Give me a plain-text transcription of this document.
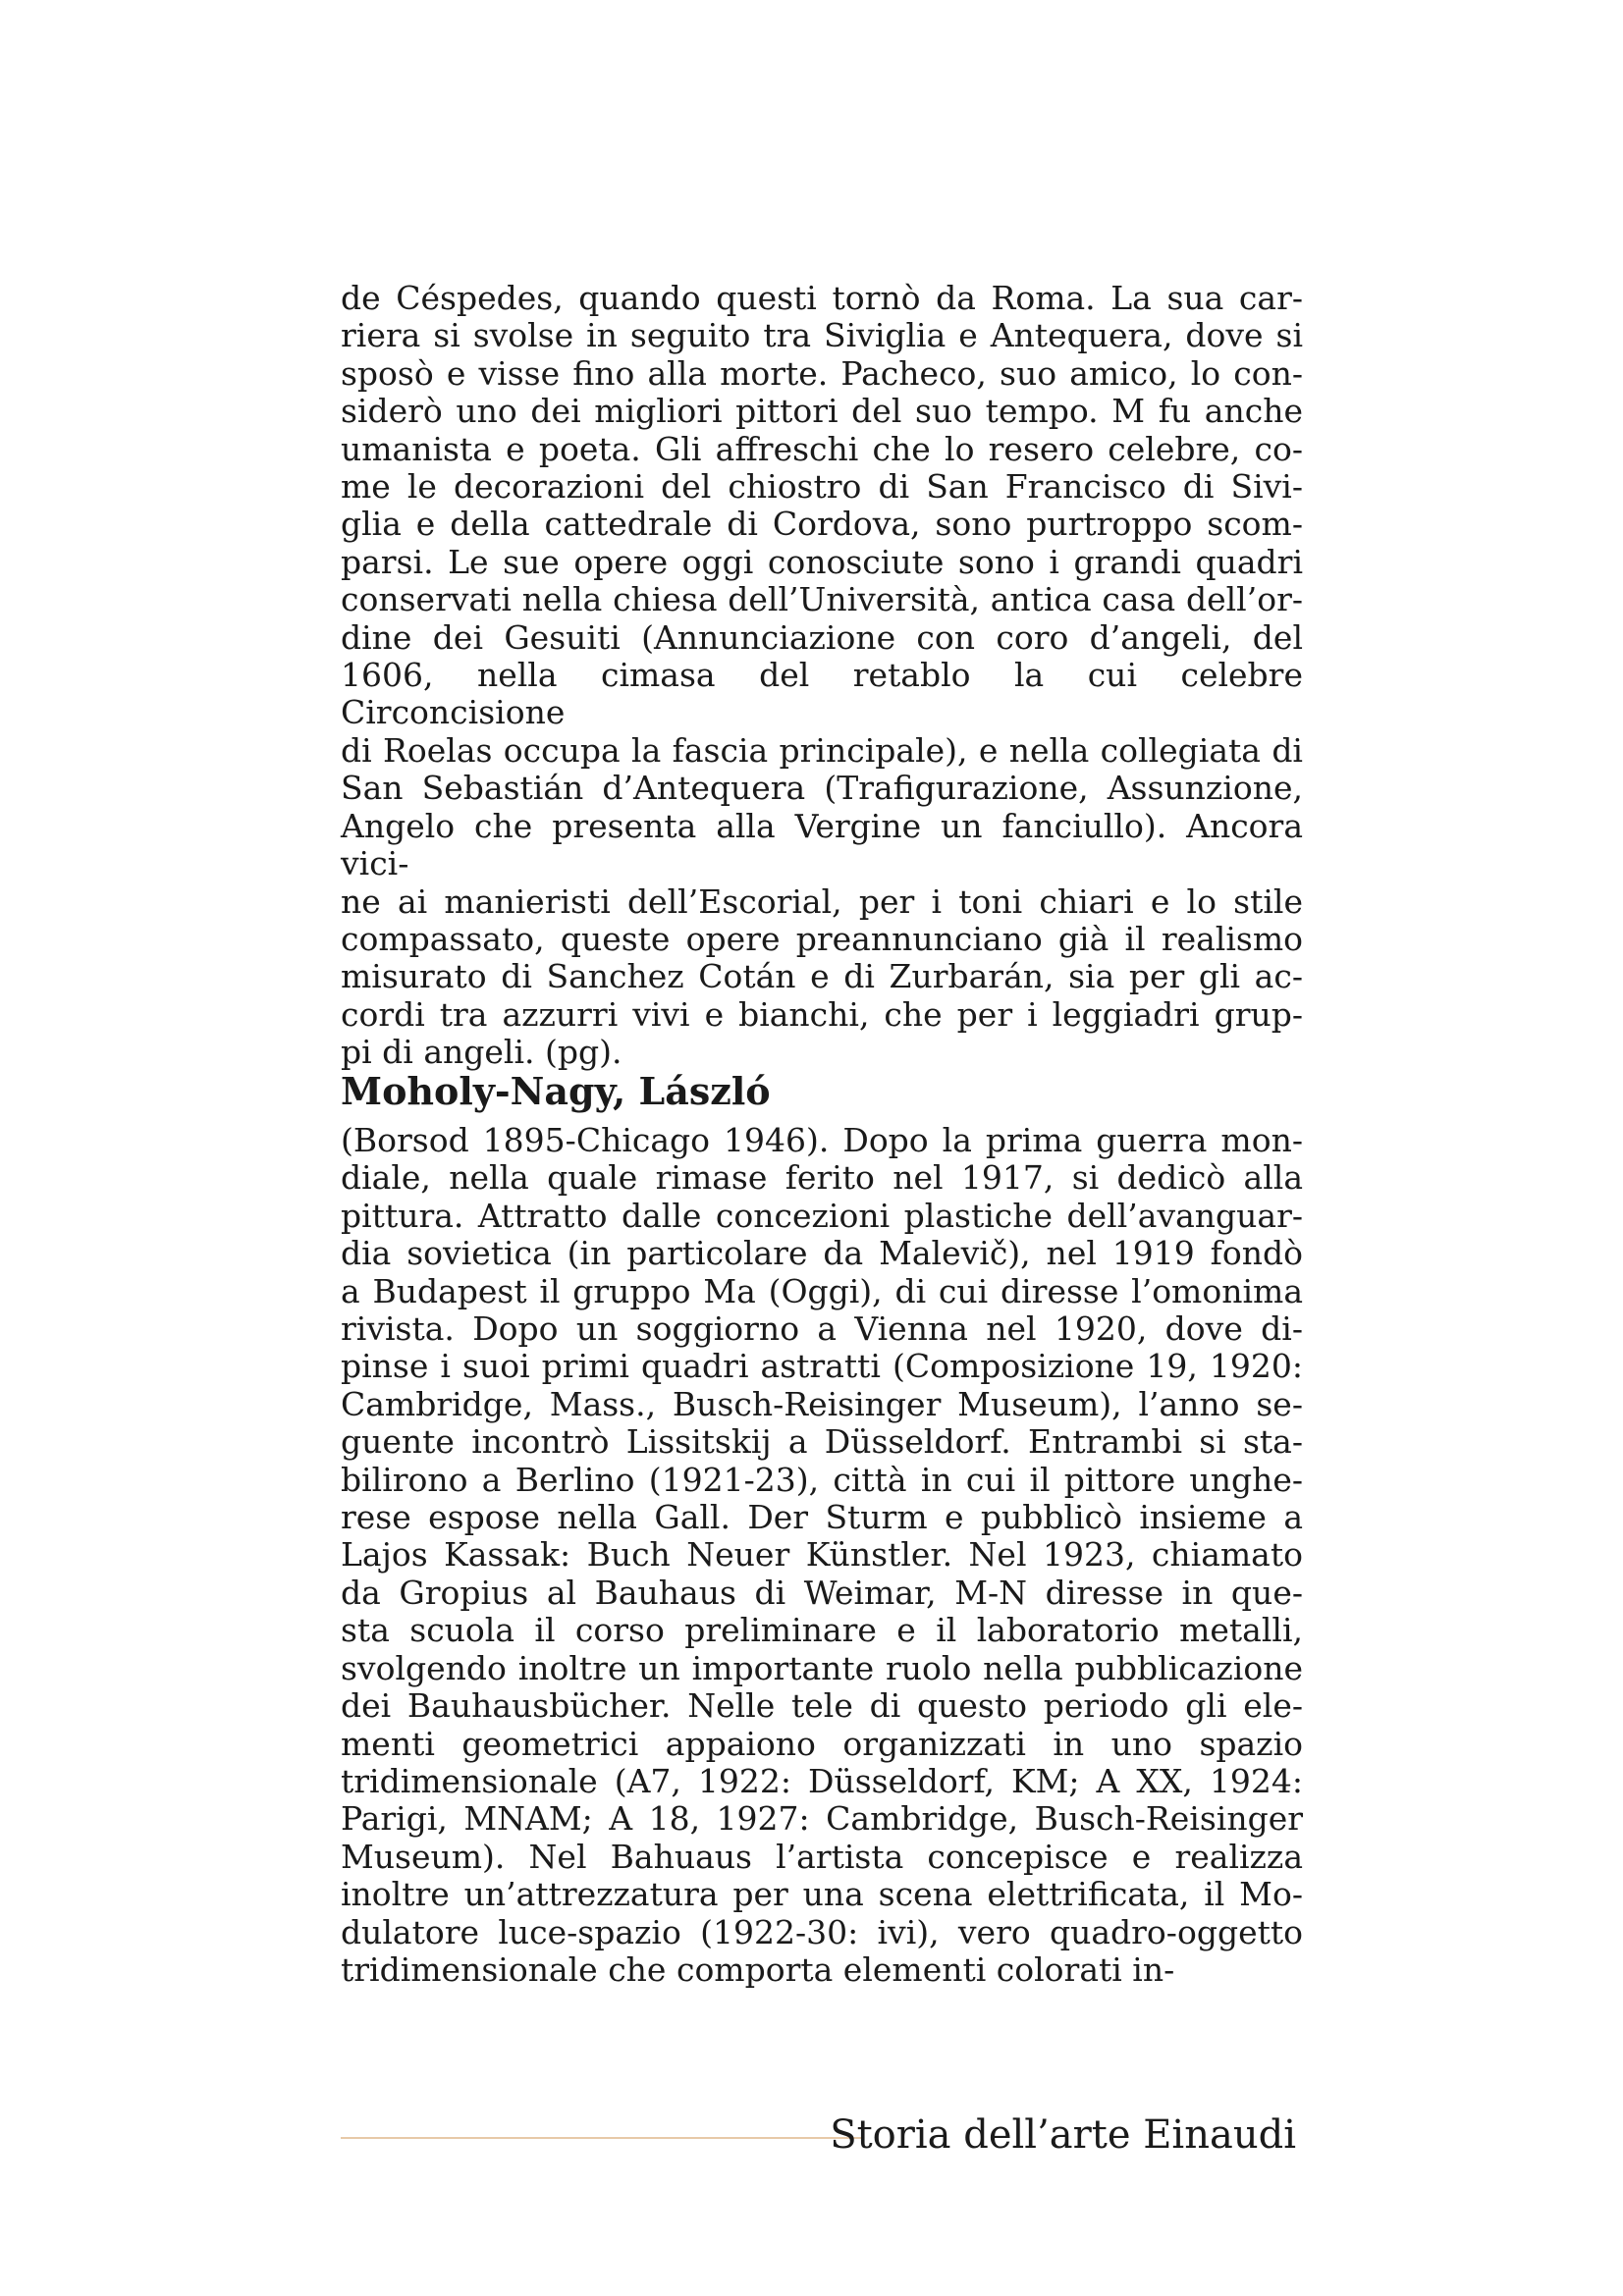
de Céspedes, quando questi tornò da Roma. La sua car-

riera si svolse in seguito tra Siviglia e Antequera, dove si

sposò e visse fino alla morte. Pacheco, suo amico, lo con-

siderò uno dei migliori pittori del suo tempo. M fu anche

umanista e poeta. Gli affreschi che lo resero celebre, co-

me le decorazioni del chiostro di San Francisco di Sivi-

glia e della cattedrale di Cordova, sono purtroppo scom-

parsi. Le sue opere oggi conosciute sono i grandi quadri

conservati nella chiesa dell’Università, antica casa dell’or-

dine dei Gesuiti (Annunciazione con coro d’angeli, del

1606, nella cimasa del retablo la cui celebre Circoncisione

di Roelas occupa la fascia principale), e nella collegiata di

San Sebastián d’Antequera (Trafigurazione, Assunzione,

Angelo che presenta alla Vergine un fanciullo). Ancora vici-

ne ai manieristi dell’Escorial, per i toni chiari e lo stile

compassato, queste opere preannunciano già il realismo

misurato di Sanchez Cotán e di Zurbarán, sia per gli ac-

cordi tra azzurri vivi e bianchi, che per i leggiadri grup-

pi di angeli. (pg).

Moholy-Nagy, László

(Borsod 1895-Chicago 1946). Dopo la prima guerra mon-

diale, nella quale rimase ferito nel 1917, si dedicò alla

pittura. Attratto dalle concezioni plastiche dell’avanguar-

dia sovietica (in particolare da Malevič), nel 1919 fondò

a Budapest il gruppo Ma (Oggi), di cui diresse l’omonima

rivista. Dopo un soggiorno a Vienna nel 1920, dove di-

pinse i suoi primi quadri astratti (Composizione 19, 1920:

Cambridge, Mass., Busch-Reisinger Museum), l’anno se-

guente incontrò Lissitskij a Düsseldorf. Entrambi si sta-

bilirono a Berlino (1921-23), città in cui il pittore unghe-

rese espose nella Gall. Der Sturm e pubblicò insieme a

Lajos Kassak: Buch Neuer Künstler. Nel 1923, chiamato

da Gropius al Bauhaus di Weimar, M-N diresse in que-

sta scuola il corso preliminare e il laboratorio metalli,

svolgendo inoltre un importante ruolo nella pubblicazione

dei Bauhausbücher. Nelle tele di questo periodo gli ele-

menti geometrici appaiono organizzati in uno spazio

tridimensionale (A7, 1922: Düsseldorf, KM; A XX, 1924:

Parigi, MNAM; A 18, 1927: Cambridge, Busch-Reisinger

Museum). Nel Bahuaus l’artista concepisce e realizza

inoltre un’attrezzatura per una scena elettrificata, il Mo-

dulatore luce-spazio (1922-30: ivi), vero quadro-oggetto

tridimensionale che comporta elementi colorati in-

Storia dell’arte Einaudi
